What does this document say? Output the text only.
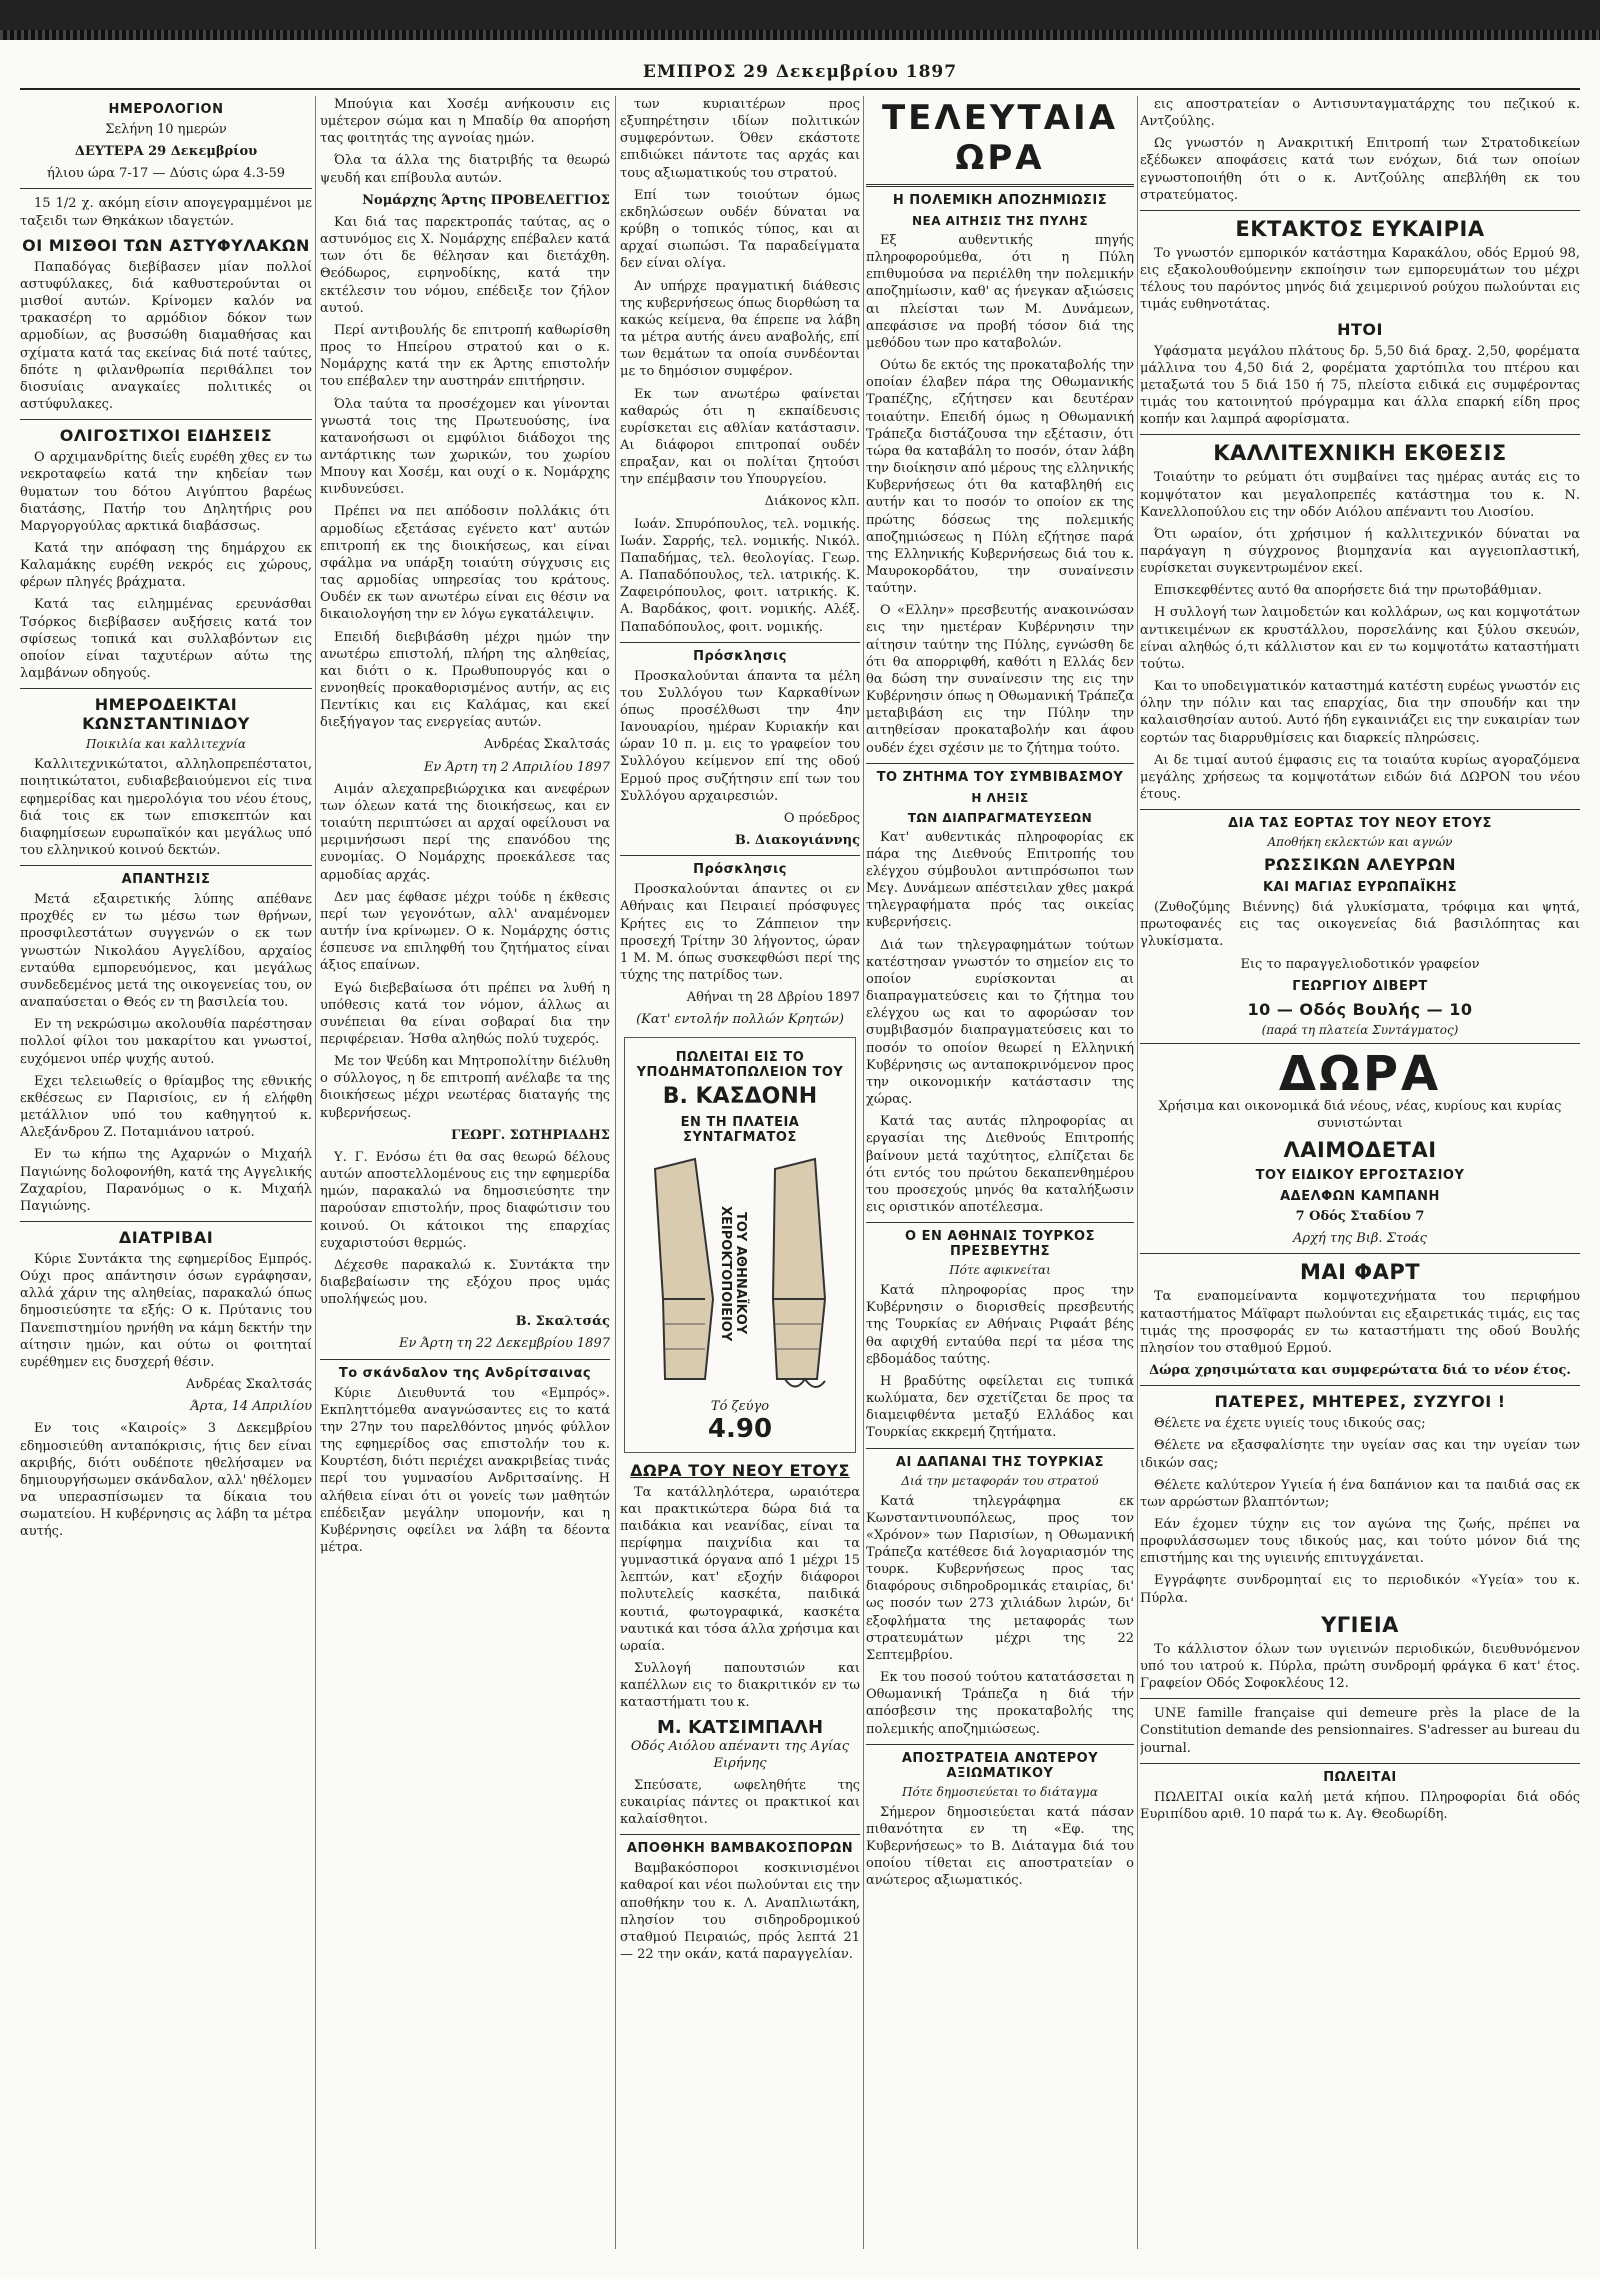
ΕΜΠΡΟΣ 29 Δεκεμβρίου 1897
ΗΜΕΡΟΛΟΓΙΟΝ

Σελήνη 10 ημερών

ΔΕΥΤΕΡΑ 29 Δεκεμβρίου

ήλιου ώρα 7-17 — Δύσις ώρα 4.3-59

15 1/2 χ. ακόμη είσιν απογεγραμμένοι με ταξειδι των Θηκάκων ιδαγετών.

ΟΙ ΜΙΣΘΟΙ ΤΩΝ ΑΣΤΥΦΥΛΑΚΩΝ

Παπαδόγας διεβίβασεν μίαν πολλοί αστυφύλακες, διά καθυστερούνται οι μισθοί αυτών. Κρίνομεν καλόν να τρακασέρη το αρμόδιον δόκον των αρμοδίων, ας βυσσώθη διαμαθήσας και σχίματα κατά τας εκείνας διά ποτέ ταύτες, δπότε η φιλανθρωπία περιθάλπει τον διοσυίαις αναγκαίες πολιτικές οι αστύφυλακες.

ΟΛΙΓΟΣΤΙΧΟΙ ΕΙΔΗΣΕΙΣ

Ο αρχιμανδρίτης διεΐς ευρέθη χθες εν τω νεκροταφείω κατά την κηδείαν των θυματων του δότου Αιγύπτου βαρέως διατάσης, Πατήρ του Δηλητήρις ρου Μαργοργούλας αρκτικά διαβάσσως.

Κατά την απόφαση της δημάρχου εκ Καλαμάκης ευρέθη νεκρός εις χώρους, φέρων πληγές βράχματα.

Κατά τας ειλημμένας ερευνάσθαι Τσόρκος διεβίβασεν αυξήσεις κατά τον σφίσεως τοπικά και συλλαβόντων εις οποίον είναι ταχυτέρων αύτω της λαμβάνων οδηγούς.

ΗΜΕΡΟΔΕΙΚΤΑΙ ΚΩΝΣΤΑΝΤΙΝΙΔΟΥ
Ποικιλία και καλλιτεχνία

Καλλιτεχνικώτατοι, αλληλοπρεπέστατοι, ποιητικώτατοι, ευδιαβεβαιούμενοι είς τινα εφημερίδας και ημερολόγια του νέου έτους, διά τοις εκ των επισκεπτών και διαφημίσεων ευρωπαϊκόν και μεγάλως υπό του ελληνικού κοινού δεκτών.

ΑΠΑΝΤΗΣΙΣ

Μετά εξαιρετικής λύπης απέθανε προχθές εν τω μέσω των θρήνων, προσφιλεστάτων συγγενών ο εκ των γνωστών Νικολάου Αγγελίδου, αρχαίος ενταύθα εμπορευόμενος, και μεγάλως συνδεδεμένος μετά της οικογενείας του, ον αναπαύσεται ο Θεός εν τη βασιλεία του.

Εν τη νεκρώσιμω ακολουθία παρέστησαν πολλοί φίλοι του μακαρίτου και γνωστοί, ευχόμενοι υπέρ ψυχής αυτού.

Εχει τελειωθείς ο θρίαμβος της εθνικής εκθέσεως εν Παρισίοις, εν ή ελήφθη μετάλλιον υπό του καθηγητού κ. Αλεξάνδρου Ζ. Ποταμιάνου ιατρού.

Εν τω κήπω της Αχαρνών ο Μιχαήλ Παγιώνης δολοφονήθη, κατά της Αγγελικής Ζαχαρίου, Παρανόμως ο κ. Μιχαήλ Παγιώνης.

ΔΙΑΤΡΙΒΑΙ

Κύριε Συντάκτα της εφημερίδος Εμπρός. Ούχι προς απάντησιν όσων εγράφησαν, αλλά χάριν της αληθείας, παρακαλώ όπως δημοσιεύσητε τα εξής: Ο κ. Πρύτανις του Πανεπιστημίου ηρνήθη να κάμη δεκτήν την αίτησιν ημών, και ούτω οι φοιτηταί ευρέθημεν εις δυσχερή θέσιν.

Ανδρέας Σκαλτσάς

Άρτα, 14 Απριλίου

Εν τοις «Καιροίς» 3 Δεκεμβρίου εδημοσιεύθη ανταπόκρισις, ήτις δεν είναι ακριβής, διότι ουδέποτε ηθελήσαμεν να δημιουργήσωμεν σκάνδαλον, αλλ' ηθέλομεν να υπερασπίσωμεν τα δίκαια του σωματείου. Η κυβέρνησις ας λάβη τα μέτρα αυτής.

Μπούγια και Χοσέμ ανήκουσιν εις υμέτερον σώμα και η Μπαδίρ θα απορήση τας φοιτητάς της αγνοίας ημών.

Όλα τα άλλα της διατριβής τα θεωρώ ψευδή και επίβουλα αυτών.

Νομάρχης Άρτης ΠΡΟΒΕΛΕΓΓΙΟΣ

Και διά τας παρεκτροπάς ταύτας, ας ο αστυνόμος εις Χ. Νομάρχης επέβαλεν κατά των ότι δε θέλησαν και διετάχθη. Θεόδωρος, ειρηνοδίκης, κατά την εκτέλεσιν του νόμου, επέδειξε τον ζήλον αυτού.

Περί αντιβουλής δε επιτροπή καθωρίσθη προς το Ηπείρου στρατού και ο κ. Νομάρχης κατά την εκ Άρτης επιστολήν του επέβαλεν την αυστηράν επιτήρησιν.

Όλα ταύτα τα προσέχομεν και γίνονται γνωστά τοις της Πρωτευούσης, ίνα κατανοήσωσι οι εμφύλιοι διάδοχοι της αντάρτικης των χωρικών, του χωρίου Μπουγ και Χοσέμ, και ουχί ο κ. Νομάρχης κινδυνεύσει.

Πρέπει να πει απόδοσιν πολλάκις ότι αρμοδίως εξετάσας εγένετο κατ' αυτών επιτροπή εκ της διοικήσεως, και είναι σφάλμα να υπάρξη τοιαύτη σύγχυσις εις τας αρμοδίας υπηρεσίας του κράτους. Ουδέν εκ των ανωτέρω είναι εις θέσιν να δικαιολογήση την εν λόγω εγκατάλειψιν.

Επειδή διεβιβάσθη μέχρι ημών την ανωτέρω επιστολή, πλήρη της αληθείας, και διότι ο κ. Πρωθυπουργός και ο εννοηθείς προκαθορισμένος αυτήν, ας εις Πεντίκις και εις Καλάμας, και εκεί διεξήγαγον τας ενεργείας αυτών.

Ανδρέας Σκαλτσάς

Εν Άρτη τη 2 Απριλίου 1897

Αιμάν αλεχαπρεβιώρχικα και ανεφέρων των όλεων κατά της διοικήσεως, και εν τοιαύτη περιπτώσει αι αρχαί οφείλουσι να μεριμνήσωσι περί της επανόδου της ευνομίας. Ο Νομάρχης προεκάλεσε τας αρμοδίας αρχάς.

Δεν μας έφθασε μέχρι τούδε η έκθεσις περί των γεγονότων, αλλ' αναμένομεν αυτήν ίνα κρίνωμεν. Ο κ. Νομάρχης όστις έσπευσε να επιληφθή του ζητήματος είναι άξιος επαίνων.

Εγώ διεβεβαίωσα ότι πρέπει να λυθή η υπόθεσις κατά τον νόμον, άλλως αι συνέπειαι θα είναι σοβαραί δια την περιφέρειαν. Ήσθα αληθώς πολύ τυχερός.

Με τον Ψεύδη και Μητροπολίτην διέλυθη ο σύλλογος, η δε επιτροπή ανέλαβε τα της διοικήσεως μέχρι νεωτέρας διαταγής της κυβερνήσεως.

ΓΕΩΡΓ. ΣΩΤΗΡΙΑΔΗΣ

Υ. Γ. Ενόσω έτι θα σας θεωρώ δέλους αυτών αποστελλομένους εις την εφημερίδα ημών, παρακαλώ να δημοσιεύσητε την παρούσαν επιστολήν, προς διαφώτισιν του κοινού. Οι κάτοικοι της επαρχίας ευχαριστούσι θερμώς.

Δέχεσθε παρακαλώ κ. Συντάκτα την διαβεβαίωσιν της εξόχου προς υμάς υπολήψεώς μου.

Β. Σκαλτσάς

Εν Άρτη τη 22 Δεκεμβρίου 1897

Το σκάνδαλον της Ανδρίτσαινας

Κύριε Διευθυντά του «Εμπρός». Εκπληττόμεθα αναγνώσαντες εις το κατά την 27ην του παρελθόντος μηνός φύλλον της εφημερίδος σας επιστολήν του κ. Κουρτέση, διότι περιέχει ανακριβείας τινάς περί του γυμνασίου Ανδριτσαίνης. Η αλήθεια είναι ότι οι γονείς των μαθητών επέδειξαν μεγάλην υπομονήν, και η Κυβέρνησις οφείλει να λάβη τα δέοντα μέτρα.

των κυριαιτέρων προς εξυπηρέτησιν ιδίων πολιτικών συμφερόντων. Όθεν εκάστοτε επιδιώκει πάντοτε τας αρχάς και τους αξιωματικούς του στρατού.

Επί των τοιούτων όμως εκδηλώσεων ουδέν δύναται να κρύβη ο τοπικός τύπος, και αι αρχαί σιωπώσι. Τα παραδείγματα δεν είναι ολίγα.

Αν υπήρχε πραγματική διάθεσις της κυβερνήσεως όπως διορθώση τα κακώς κείμενα, θα έπρεπε να λάβη τα μέτρα αυτής άνευ αναβολής, επί των θεμάτων τα οποία συνδέονται με το δημόσιον συμφέρον.

Εκ των ανωτέρω φαίνεται καθαρώς ότι η εκπαίδευσις ευρίσκεται εις αθλίαν κατάστασιν. Αι διάφοροι επιτροπαί ουδέν επραξαν, και οι πολίται ζητούσι την επέμβασιν του Υπουργείου.

Διάκονος κλπ.

Ιωάν. Σπυρόπουλος, τελ. νομικής. Ιωάν. Σαρρής, τελ. νομικής. Νικόλ. Παπαδήμας, τελ. θεολογίας. Γεωρ. Α. Παπαδόπουλος, τελ. ιατρικής. Κ. Ζαφειρόπουλος, φοιτ. ιατρικής. Κ. Α. Βαρδάκος, φοιτ. νομικής. Αλέξ. Παπαδόπουλος, φοιτ. νομικής.

Πρόσκλησις

Προσκαλούνται άπαντα τα μέλη του Συλλόγου των Καρκαθίνων όπως προσέλθωσι την 4ην Ιανουαρίου, ημέραν Κυριακήν και ώραν 10 π. μ. εις το γραφείον του Συλλόγου κείμενον επί της οδού Ερμού προς συζήτησιν επί των του Συλλόγου αρχαιρεσιών.

Ο πρόεδρος

Β. Διακογιάννης

Πρόσκλησις

Προσκαλούνται άπαντες οι εν Αθήναις και Πειραιεί πρόσφυγες Κρήτες εις το Ζάππειον την προσεχή Τρίτην 30 λήγοντος, ώραν 1 Μ. Μ. όπως συσκεφθώσι περί της τύχης της πατρίδος των.

Αθήναι τη 28 Δβρίου 1897

(Κατ' εντολήν πολλών Κρητών)

ΠΩΛΕΙΤΑΙ ΕΙΣ ΤΟ ΥΠΟΔΗΜΑΤΟΠΩΛΕΙΟΝ ΤΟΥ
Β. ΚΑΣΔΟΝΗ
ΕΝ ΤΗ ΠΛΑΤΕΙΑ ΣΥΝΤΑΓΜΑΤΟΣ
ΤΟΥ ΑΘΗΝΑΪΚΟΥ ΧΕΙΡΟΚΤΟΠΟΙΕΙΟΥ
Τό ζεύγο
4.90
ΔΩΡΑ ΤΟΥ ΝΕΟΥ ΕΤΟΥΣ

Τα κατάλληλότερα, ωραιότερα και πρακτικώτερα δώρα διά τα παιδάκια και νεανίδας, είναι τα περίφημα παιχνίδια και τα γυμναστικά όργανα από 1 μέχρι 15 λεπτών, κατ' εξοχήν διάφοροι πολυτελείς κασκέτα, παιδικά κουτιά, φωτογραφικά, κασκέτα ναυτικά και τόσα άλλα χρήσιμα και ωραία.

Συλλογή παπουτσιών και καπέλλων εις το διακριτικόν εν τω καταστήματι του κ.

Μ. ΚΑΤΣΙΜΠΑΛΗ

Οδός Αιόλου απέναντι της Αγίας Ειρήνης

Σπεύσατε, ωφεληθήτε της ευκαιρίας πάντες οι πρακτικοί και καλαίσθητοι.

ΑΠΟΘΗΚΗ ΒΑΜΒΑΚΟΣΠΟΡΩΝ

Βαμβακόσποροι κοσκινισμένοι καθαροί και νέοι πωλούνται εις την αποθήκην του κ. Λ. Αναπλιωτάκη, πλησίον του σιδηροδρομικού σταθμού Πειραιώς, πρός λεπτά 21 — 22 την οκάν, κατά παραγγελίαν.

ΤΕΛΕΥΤΑΙΑ ΩΡΑ
Η ΠΟΛΕΜΙΚΗ ΑΠΟΖΗΜΙΩΣΙΣ
ΝΕΑ ΑΙΤΗΣΙΣ ΤΗΣ ΠΥΛΗΣ

Εξ αυθεντικής πηγής πληροφορούμεθα, ότι η Πύλη επιθυμούσα να περιέλθη την πολεμικήν αποζημίωσιν, καθ' ας ήνεγκαν αξιώσεις αι πλείσται των Μ. Δυνάμεων, απεφάσισε να προβή τόσον διά της μεθόδου των προ καταβολών.

Ούτω δε εκτός της προκαταβολής την οποίαν έλαβεν πάρα της Οθωμανικής Τραπέζης, εζήτησεν και δευτέραν τοιαύτην. Επειδή όμως η Οθωμανική Τράπεζα διστάζουσα την εξέτασιν, ότι τώρα θα καταβάλη το ποσόν, όταν λάβη την διοίκησιν από μέρους της ελληνικής Κυβερνήσεως ότι θα καταβληθή εις αυτήν και το ποσόν το οποίον εκ της πρώτης δόσεως της πολεμικής αποζημιώσεως η Πύλη εζήτησε παρά της Ελληνικής Κυβερνήσεως διά του κ. Μαυροκορδάτου, την συναίνεσιν ταύτην.

Ο «Ελλην» πρεσβευτής ανακοινώσαν εις την ημετέραν Κυβέρνησιν την αίτησιν ταύτην της Πύλης, εγνώσθη δε ότι θα απορριφθή, καθότι η Ελλάς δεν θα δώση την συναίνεσιν της εις την Κυβέρνησιν όπως η Οθωμανική Τράπεζα μεταβιβάση εις την Πύλην την αιτηθείσαν προκαταβολήν και άφου ουδέν έχει σχέσιν με το ζήτημα τούτο.

ΤΟ ΖΗΤΗΜΑ ΤΟΥ ΣΥΜΒΙΒΑΣΜΟΥ
Η ΛΗΞΙΣ
ΤΩΝ ΔΙΑΠΡΑΓΜΑΤΕΥΣΕΩΝ

Κατ' αυθεντικάς πληροφορίας εκ πάρα της Διεθνούς Επιτροπής του ελέγχου σύμβουλοι αντιπρόσωποι των Μεγ. Δυνάμεων απέστειλαν χθες μακρά τηλεγραφήματα πρός τας οικείας κυβερνήσεις.

Διά των τηλεγραφημάτων τούτων κατέστησαν γνωστόν το σημείον εις το οποίον ευρίσκονται αι διαπραγματεύσεις και το ζήτημα του ελέγχου ως και το αφορώσαν τον συμβιβασμόν διαπραγματεύσεις και το ποσόν το οποίον θεωρεί η Ελληνική Κυβέρνησις ως ανταποκρινόμενον προς την οικονομικήν κατάστασιν της χώρας.

Κατά τας αυτάς πληροφορίας αι εργασίαι της Διεθνούς Επιτροπής βαίνουν μετά ταχύτητος, ελπίζεται δε ότι εντός του πρώτου δεκαπενθημέρου του προσεχούς μηνός θα καταλήξωσιν εις οριστικόν αποτέλεσμα.

Ο ΕΝ ΑΘΗΝΑΙΣ ΤΟΥΡΚΟΣ ΠΡΕΣΒΕΥΤΗΣ
Πότε αφικνείται

Κατά πληροφορίας προς την Κυβέρνησιν ο διορισθείς πρεσβευτής της Τουρκίας εν Αθήναις Ριφαάτ βέης θα αφιχθή ενταύθα περί τα μέσα της εβδομάδος ταύτης.

Η βραδύτης οφείλεται εις τυπικά κωλύματα, δεν σχετίζεται δε προς τα διαμειφθέντα μεταξύ Ελλάδος και Τουρκίας εκκρεμή ζητήματα.

ΑΙ ΔΑΠΑΝΑΙ ΤΗΣ ΤΟΥΡΚΙΑΣ
Διά την μεταφοράν του στρατού

Κατά τηλεγράφημα εκ Κωνσταντινουπόλεως, προς τον «Χρόνον» των Παρισίων, η Οθωμανική Τράπεζα κατέθεσε διά λογαριασμόν της τουρκ. Κυβερνήσεως προς τας διαφόρους σιδηροδρομικάς εταιρίας, δι' ως ποσόν των 273 χιλιάδων λιρών, δι' εξοφλήματα της μεταφοράς των στρατευμάτων μέχρι της 22 Σεπτεμβρίου.

Εκ του ποσού τούτου κατατάσσεται η Οθωμανική Τράπεζα η διά τήν απόσβεσιν της προκαταβολής της πολεμικής αποζημιώσεως.

ΑΠΟΣΤΡΑΤΕΙΑ ΑΝΩΤΕΡΟΥ ΑΞΙΩΜΑΤΙΚΟΥ
Πότε δημοσιεύεται το διάταγμα

Σήμερον δημοσιεύεται κατά πάσαν πιθανότητα εν τη «Εφ. της Κυβερνήσεως» το Β. Διάταγμα διά του οποίου τίθεται εις αποστρατείαν ο ανώτερος αξιωματικός.

εις αποστρατείαν ο Αντισυνταγματάρχης του πεζικού κ. Αντζούλης.

Ως γνωστόν η Ανακριτική Επιτροπή των Στρατοδικείων εξέδωκεν αποφάσεις κατά των ενόχων, διά των οποίων εγνωστοποιήθη ότι ο κ. Αντζούλης απεβλήθη εκ του στρατεύματος.

ΕΚΤΑΚΤΟΣ ΕΥΚΑΙΡΙΑ

Το γνωστόν εμπορικόν κατάστημα Καρακάλου, οδός Ερμού 98, εις εξακολουθούμενην εκποίησιν των εμπορευμάτων του μέχρι τέλους του παρόντος μηνός διά χειμερινού ρούχου πωλούνται εις τιμάς ευθηνοτάτας.

ΗΤΟΙ

Υφάσματα μεγάλου πλάτους δρ. 5,50 διά δραχ. 2,50, φορέματα μάλλινα του 4,50 διά 2, φορέματα χαρτόπιλα του πτέρου και μεταξωτά του 5 διά 150 ή 75, πλείστα ειδικά εις συμφέροντας τιμάς του κατοινητού πρόγραμμα και άλλα επαρκή είδη προς κοπήν και λαμπρά αφορίσματα.

ΚΑΛΛΙΤΕΧΝΙΚΗ ΕΚΘΕΣΙΣ

Τοιαύτην το ρεύματι ότι συμβαίνει τας ημέρας αυτάς εις το κομψότατον και μεγαλοπρεπές κατάστημα του κ. Ν. Κανελλοπούλου εις την οδόν Αιόλου απέναντι του Λιοσίου.

Ότι ωραίον, ότι χρήσιμον ή καλλιτεχνικόν δύναται να παράγαγη η σύγχρονος βιομηχανία και αγγειοπλαστική, ευρίσκεται συγκεντρωμένον εκεί.

Επισκεφθέντες αυτό θα απορήσετε διά την πρωτοβάθμιαν.

Η συλλογή των λαιμοδετών και κολλάρων, ως και κομψοτάτων αντικειμένων εκ κρυστάλλου, πορσελάνης και ξύλου σκευών, είναι αληθώς ό,τι κάλλιστον και εν τω κομψοτάτω καταστήματι τούτω.

Και το υποδειγματικόν καταστημά κατέστη ευρέως γνωστόν εις όλην την πόλιν και τας επαρχίας, δια την σπουδήν και την καλαισθησίαν αυτού. Αυτό ήδη εγκαινιάζει εις την ευκαιρίαν των εορτών τας διαρρυθμίσεις και διαρκείς πληρώσεις.

Αι δε τιμαί αυτού έμφασις εις τα τοιαύτα κυρίως αγοραζόμενα μεγάλης χρήσεως τα κομψοτάτων ειδών διά ΔΩΡΟΝ του νέου έτους.

ΔΙΑ ΤΑΣ ΕΟΡΤΑΣ ΤΟΥ ΝΕΟΥ ΕΤΟΥΣ
Αποθήκη εκλεκτών και αγνών
ΡΩΣΣΙΚΩΝ ΑΛΕΥΡΩΝ
ΚΑΙ ΜΑΓΙΑΣ ΕΥΡΩΠΑΪΚΗΣ

(Ζυθοζύμης Βιέννης) διά γλυκίσματα, τρόφιμα και ψητά, πρωτοφανές εις τας οικογενείας διά βασιλόπητας και γλυκίσματα.

Εις το παραγγελιοδοτικόν γραφείον

ΓΕΩΡΓΙΟΥ ΔΙΒΕΡΤ
10 — Οδός Βουλής — 10
(παρά τη πλατεία Συντάγματος)
ΔΩΡΑ

Χρήσιμα και οικονομικά διά νέους, νέας, κυρίους και κυρίας συνιστώνται

ΛΑΙΜΟΔΕΤΑΙ
ΤΟΥ ΕΙΔΙΚΟΥ ΕΡΓΟΣΤΑΣΙΟΥ
ΑΔΕΛΦΩΝ ΚΑΜΠΑΝΗ

7 Οδός Σταδίου 7

Αρχή της Βιβ. Στοάς

ΜΑΙ ΦΑΡΤ

Τα εναπομείναντα κομψοτεχνήματα του περιφήμου καταστήματος Μάϊφαρτ πωλούνται εις εξαιρετικάς τιμάς, εις τας τιμάς της προσφοράς εν τω καταστήματι της οδού Βουλής πλησίον του σταθμού Ερμού.

Δώρα χρησιμώτατα και συμφερώτατα διά το νέον έτος.

ΠΑΤΕΡΕΣ, ΜΗΤΕΡΕΣ, ΣΥΖΥΓΟΙ !

Θέλετε να έχετε υγιείς τους ιδικούς σας;

Θέλετε να εξασφαλίσητε την υγείαν σας και την υγείαν των ιδικών σας;

Θέλετε καλύτερον Υγιεία ή ένα δαπάνιον και τα παιδιά σας εκ των αρρώστων βλαπτόντων;

Εάν έχομεν τύχην εις τον αγώνα της ζωής, πρέπει να προφυλάσσωμεν τους ιδικούς μας, και τούτο μόνον διά της επιστήμης και της υγιεινής επιτυγχάνεται.

Εγγράφητε συνδρομηταί εις το περιοδικόν «Υγεία» του κ. Πύρλα.

ΥΓΙΕΙΑ

Το κάλλιστον όλων των υγιεινών περιοδικών, διευθυνόμενον υπό του ιατρού κ. Πύρλα, πρώτη συνδρομή φράγκα 6 κατ' έτος. Γραφείον Οδός Σοφοκλέους 12.

UNE famille française qui demeure près la place de la Constitution demande des pensionnaires. S'adresser au bureau du journal.

ΠΩΛΕΙΤΑΙ

ΠΩΛΕΙΤΑΙ οικία καλή μετά κήπου. Πληροφορίαι διά οδός Ευριπίδου αριθ. 10 παρά τω κ. Αγ. Θεοδωρίδη.
